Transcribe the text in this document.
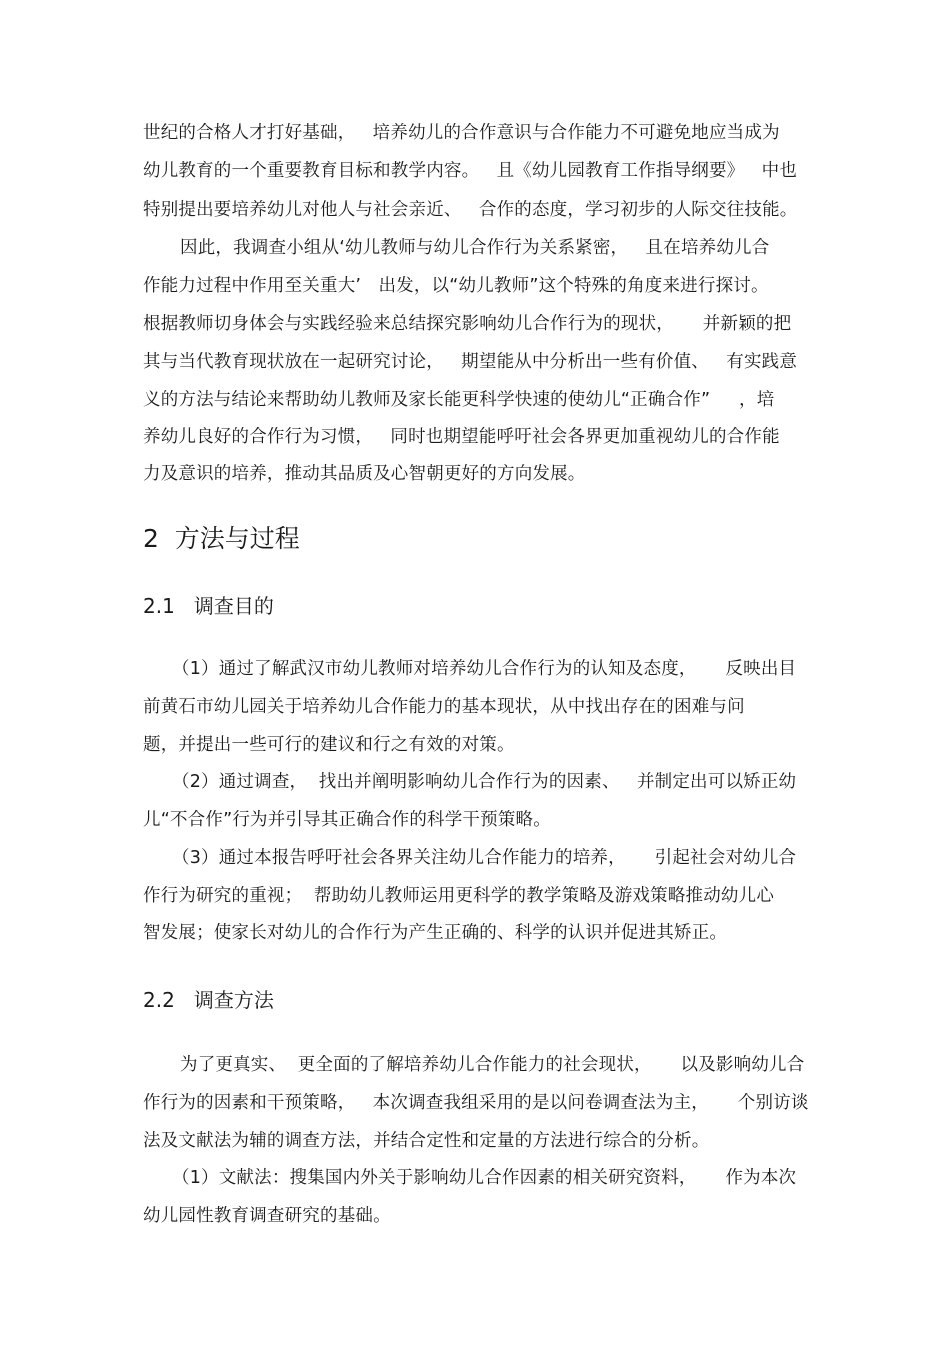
世纪的合格人才打好基础，   培养幼儿的合作意识与合作能力不可避免地应当成为
幼儿教育的一个重要教育目标和教学内容。   且《幼儿园教育工作指导纲要》   中也
特别提出要培养幼儿对他人与社会亲近、   合作的态度，学习初步的人际交往技能。
因此，我调查小组从‘幼儿教师与幼儿合作行为关系紧密，   且在培养幼儿合
作能力过程中作用至关重大’   出发，以“幼儿教师”这个特殊的角度来进行探讨。
根据教师切身体会与实践经验来总结探究影响幼儿合作行为的现状，     并新颖的把
其与当代教育现状放在一起研究讨论，   期望能从中分析出一些有价值、   有实践意
义的方法与结论来帮助幼儿教师及家长能更科学快速的使幼儿“正确合作”     ，培
养幼儿良好的合作行为习惯，   同时也期望能呼吁社会各界更加重视幼儿的合作能
力及意识的培养，推动其品质及心智朝更好的方向发展。
2  方法与过程
2.1   调查目的
（1）通过了解武汉市幼儿教师对培养幼儿合作行为的认知及态度，     反映出目
前黄石市幼儿园关于培养幼儿合作能力的基本现状，从中找出存在的困难与问
题，并提出一些可行的建议和行之有效的对策。
（2）通过调查，  找出并阐明影响幼儿合作行为的因素、   并制定出可以矫正幼
儿“不合作”行为并引导其正确合作的科学干预策略。
（3）通过本报告呼吁社会各界关注幼儿合作能力的培养，     引起社会对幼儿合
作行为研究的重视；  帮助幼儿教师运用更科学的教学策略及游戏策略推动幼儿心
智发展；使家长对幼儿的合作行为产生正确的、科学的认识并促进其矫正。
2.2   调查方法
为了更真实、  更全面的了解培养幼儿合作能力的社会现状，     以及影响幼儿合
作行为的因素和干预策略，   本次调查我组采用的是以问卷调查法为主，     个别访谈
法及文献法为辅的调查方法，并结合定性和定量的方法进行综合的分析。
（1）文献法：搜集国内外关于影响幼儿合作因素的相关研究资料，     作为本次
幼儿园性教育调查研究的基础。
